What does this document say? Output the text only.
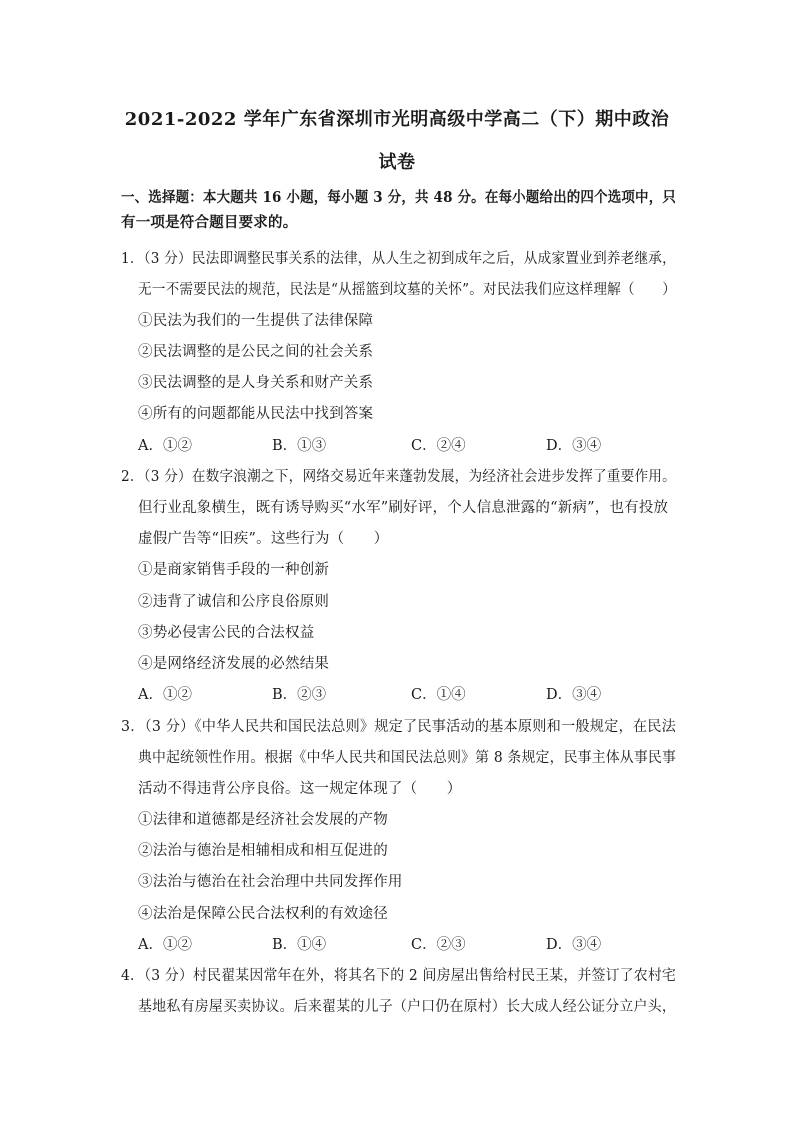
2021-2022 学年广东省深圳市光明高级中学高二（下）期中政治
试卷
一、选择题：本大题共 16 小题，每小题 3 分，共 48 分。在每小题给出的四个选项中，只
有一项是符合题目要求的。
1．（3 分）民法即调整民事关系的法律，从人生之初到成年之后，从成家置业到养老继承，
无一不需要民法的规范，民法是“从摇篮到坟墓的关怀”。对民法我们应这样理解（　　）
①民法为我们的一生提供了法律保障
②民法调整的是公民之间的社会关系
③民法调整的是人身关系和财产关系
④所有的问题都能从民法中找到答案
A．①②	B．①③	C．②④	D．③④
2．（3 分）在数字浪潮之下，网络交易近年来蓬勃发展，为经济社会进步发挥了重要作用。
但行业乱象横生，既有诱导购买“水军”刷好评，个人信息泄露的“新病”，也有投放
虚假广告等“旧疾”。这些行为（　　）
①是商家销售手段的一种创新
②违背了诚信和公序良俗原则
③势必侵害公民的合法权益
④是网络经济发展的必然结果
A．①②	B．②③	C．①④	D．③④
3．（3 分）《中华人民共和国民法总则》规定了民事活动的基本原则和一般规定，在民法
典中起统领性作用。根据《中华人民共和国民法总则》第 8 条规定，民事主体从事民事
活动不得违背公序良俗。这一规定体现了（　　）
①法律和道德都是经济社会发展的产物
②法治与德治是相辅相成和相互促进的
③法治与德治在社会治理中共同发挥作用
④法治是保障公民合法权利的有效途径
A．①②	B．①④	C．②③	D．③④
4．（3 分）村民翟某因常年在外，将其名下的 2 间房屋出售给村民王某，并签订了农村宅
基地私有房屋买卖协议。后来翟某的儿子（户口仍在原村）长大成人经公证分立户头，
